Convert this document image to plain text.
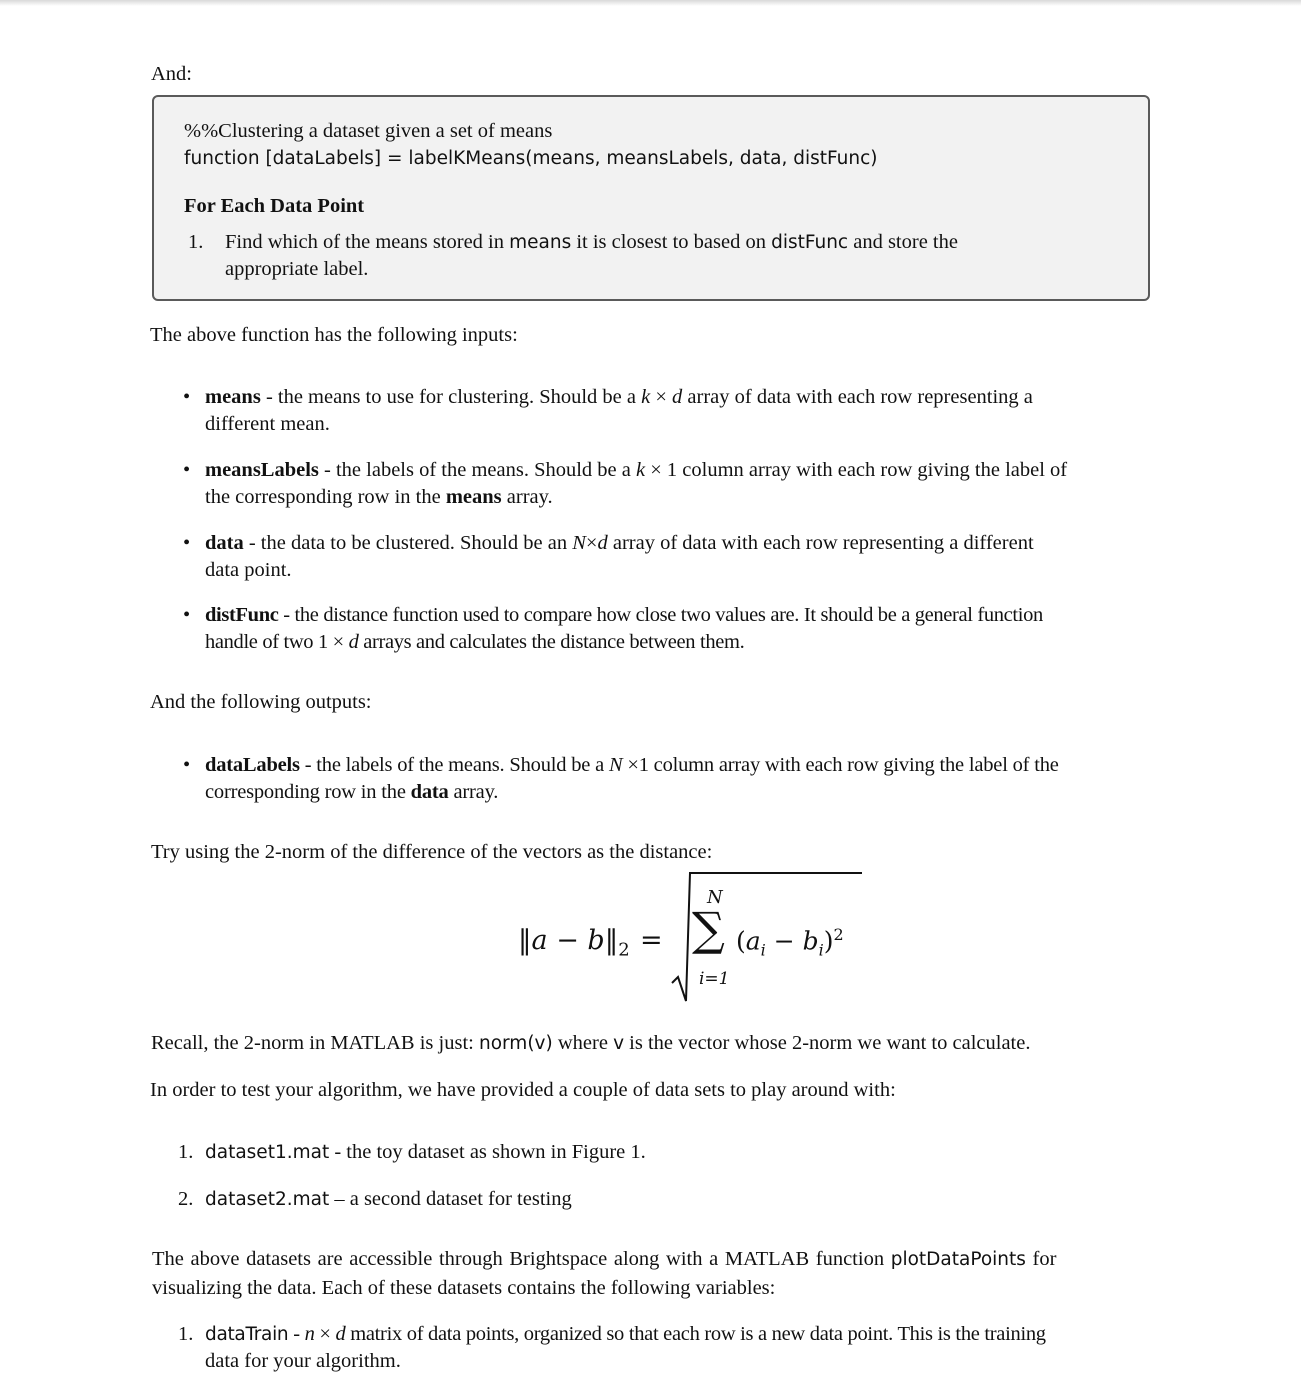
And:
%%Clustering a dataset given a set of means
function [dataLabels] = labelKMeans(means, meansLabels, data, distFunc)
For Each Data Point
1. Find which of the means stored in means it is closest to based on distFunc and store the
appropriate label.
The above function has the following inputs:
• means - the means to use for clustering. Should be a k × d array of data with each row representing a
different mean.
• meansLabels - the labels of the means. Should be a k × 1 column array with each row giving the label of
the corresponding row in the means array.
• data - the data to be clustered. Should be an N×d array of data with each row representing a different
data point.
• distFunc - the distance function used to compare how close two values are. It should be a general function
handle of two 1 × d arrays and calculates the distance between them.
And the following outputs:
• dataLabels - the labels of the means. Should be a N ×1 column array with each row giving the label of the
corresponding row in the data array.
Try using the 2-norm of the difference of the vectors as the distance:
‖a − $b‖_2$ =
N
∑
i=1
$(a_i - b_i)^2$
Recall, the 2-norm in MATLAB is just: norm(v) where v is the vector whose 2-norm we want to calculate.
In order to test your algorithm, we have provided a couple of data sets to play around with:
1. dataset1.mat - the toy dataset as shown in Figure 1.
2. dataset2.mat – a second dataset for testing
The above datasets are accessible through Brightspace along with a MATLAB function plotDataPoints for
visualizing the data. Each of these datasets contains the following variables:
1. dataTrain - n × d matrix of data points, organized so that each row is a new data point. This is the training
data for your algorithm.
